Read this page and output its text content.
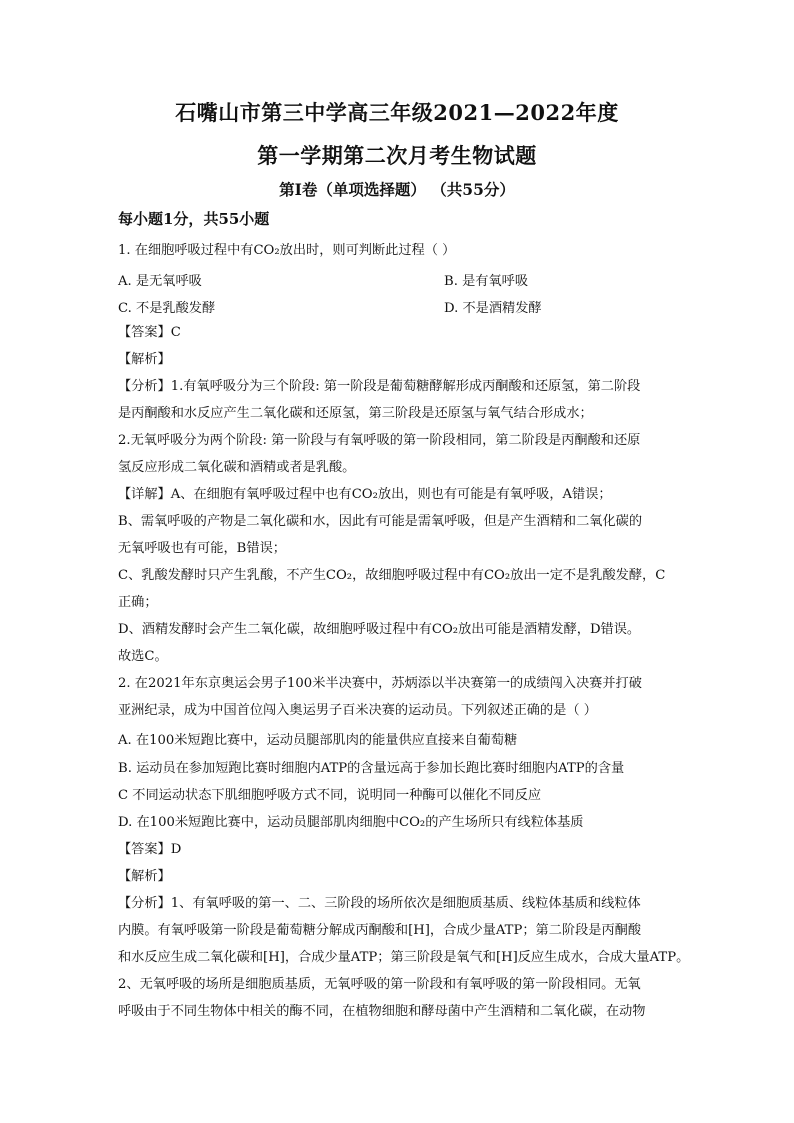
石嘴山市第三中学高三年级2021—2022年度
第一学期第二次月考生物试题
第Ⅰ卷（单项选择题） （共55分）
每小题1分，共55小题
1. 在细胞呼吸过程中有CO₂放出时，则可判断此过程（ ）
A. 是无氧呼吸	B. 是有氧呼吸
C. 不是乳酸发酵	D. 不是酒精发酵
【答案】C
【解析】
【分析】1.有氧呼吸分为三个阶段: 第一阶段是葡萄糖酵解形成丙酮酸和还原氢，第二阶段
是丙酮酸和水反应产生二氧化碳和还原氢，第三阶段是还原氢与氧气结合形成水；
2.无氧呼吸分为两个阶段: 第一阶段与有氧呼吸的第一阶段相同，第二阶段是丙酮酸和还原
氢反应形成二氧化碳和酒精或者是乳酸。
【详解】A、在细胞有氧呼吸过程中也有CO₂放出，则也有可能是有氧呼吸，A错误；
B、需氧呼吸的产物是二氧化碳和水，因此有可能是需氧呼吸，但是产生酒精和二氧化碳的
无氧呼吸也有可能，B错误；
C、乳酸发酵时只产生乳酸，不产生CO₂，故细胞呼吸过程中有CO₂放出一定不是乳酸发酵，C
正确；
D、酒精发酵时会产生二氧化碳，故细胞呼吸过程中有CO₂放出可能是酒精发酵，D错误。
故选C。
2. 在2021年东京奥运会男子100米半决赛中，苏炳添以半决赛第一的成绩闯入决赛并打破
亚洲纪录，成为中国首位闯入奥运男子百米决赛的运动员。下列叙述正确的是（ ）
A. 在100米短跑比赛中，运动员腿部肌肉的能量供应直接来自葡萄糖
B. 运动员在参加短跑比赛时细胞内ATP的含量远高于参加长跑比赛时细胞内ATP的含量
C 不同运动状态下肌细胞呼吸方式不同，说明同一种酶可以催化不同反应
D. 在100米短跑比赛中，运动员腿部肌肉细胞中CO₂的产生场所只有线粒体基质
【答案】D
【解析】
【分析】1、有氧呼吸的第一、二、三阶段的场所依次是细胞质基质、线粒体基质和线粒体
内膜。有氧呼吸第一阶段是葡萄糖分解成丙酮酸和[H]，合成少量ATP；第二阶段是丙酮酸
和水反应生成二氧化碳和[H]，合成少量ATP；第三阶段是氧气和[H]反应生成水，合成大量ATP。
2、无氧呼吸的场所是细胞质基质，无氧呼吸的第一阶段和有氧呼吸的第一阶段相同。无氧
呼吸由于不同生物体中相关的酶不同，在植物细胞和酵母菌中产生酒精和二氧化碳，在动物
